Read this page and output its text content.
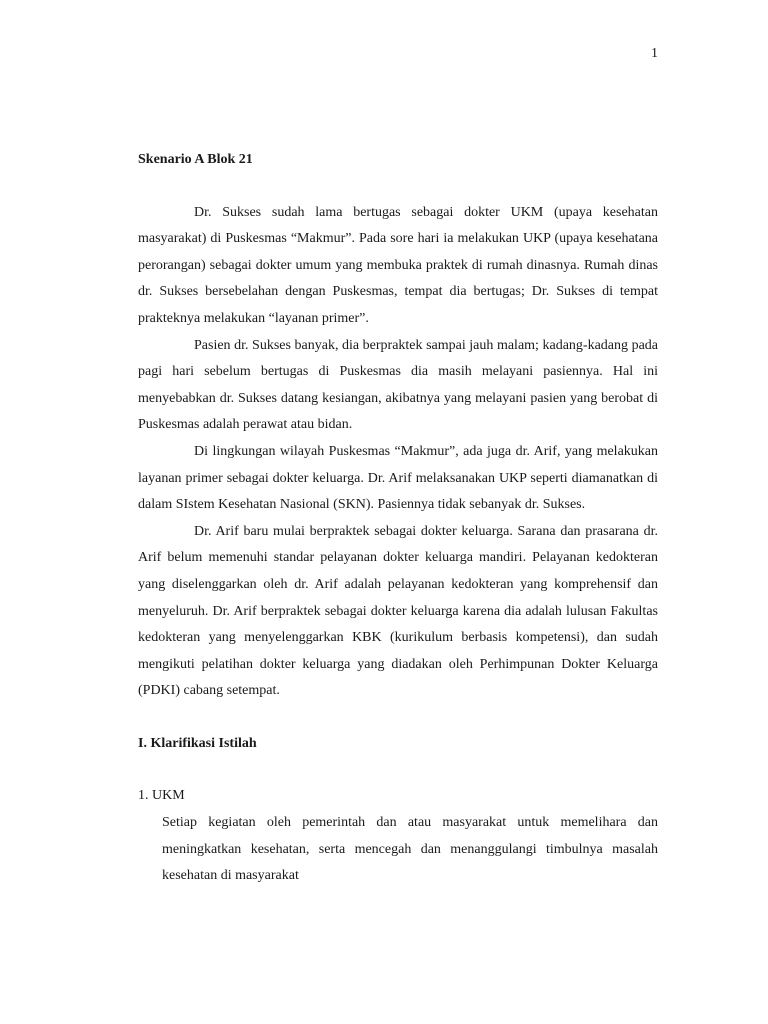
1

Skenario A Blok 21

Dr. Sukses sudah lama bertugas sebagai dokter UKM (upaya kesehatan masyarakat) di Puskesmas “Makmur”. Pada sore hari ia melakukan UKP (upaya kesehatana perorangan) sebagai dokter umum yang membuka praktek di rumah dinasnya. Rumah dinas dr. Sukses bersebelahan dengan Puskesmas, tempat dia bertugas; Dr. Sukses di tempat prakteknya melakukan “layanan primer”.

Pasien dr. Sukses banyak, dia berpraktek sampai jauh malam; kadang-kadang pada pagi hari sebelum bertugas di Puskesmas dia masih melayani pasiennya. Hal ini menyebabkan dr. Sukses datang kesiangan, akibatnya yang melayani pasien yang berobat di Puskesmas adalah perawat atau bidan.

Di lingkungan wilayah Puskesmas “Makmur”, ada juga dr. Arif, yang melakukan layanan primer sebagai dokter keluarga. Dr. Arif melaksanakan UKP seperti diamanatkan di dalam SIstem Kesehatan Nasional (SKN). Pasiennya tidak sebanyak dr. Sukses.

Dr. Arif baru mulai berpraktek sebagai dokter keluarga. Sarana dan prasarana dr. Arif belum memenuhi standar pelayanan dokter keluarga mandiri. Pelayanan kedokteran yang diselenggarkan oleh dr. Arif adalah pelayanan kedokteran yang komprehensif dan menyeluruh. Dr. Arif berpraktek sebagai dokter keluarga karena dia adalah lulusan Fakultas kedokteran yang menyelenggarkan KBK (kurikulum berbasis kompetensi), dan sudah mengikuti pelatihan dokter keluarga yang diadakan oleh Perhimpunan Dokter Keluarga (PDKI) cabang setempat.

I. Klarifikasi Istilah

1. UKM

Setiap kegiatan oleh pemerintah dan atau masyarakat untuk memelihara dan meningkatkan kesehatan, serta mencegah dan menanggulangi timbulnya masalah kesehatan di masyarakat
